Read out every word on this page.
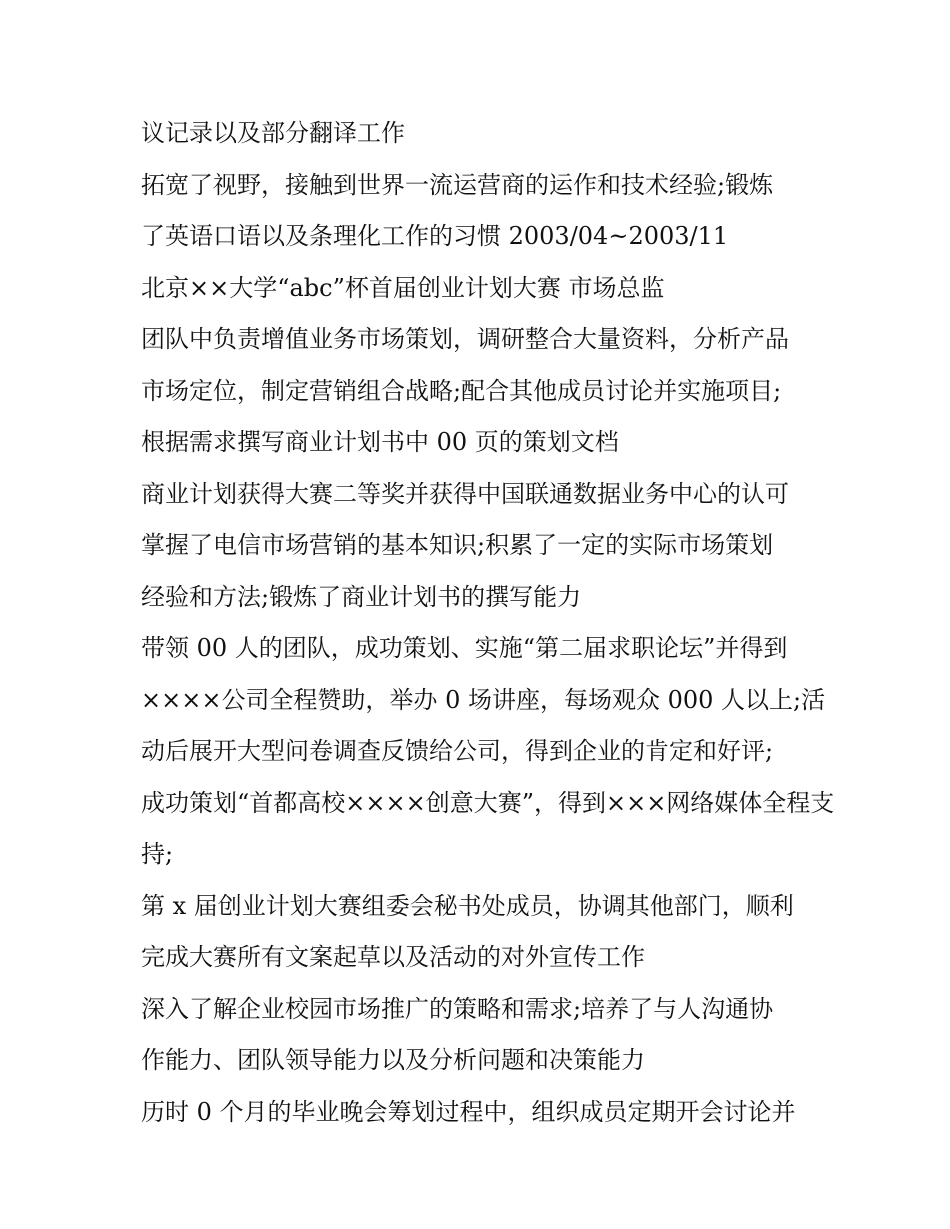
议记录以及部分翻译工作
拓宽了视野，接触到世界一流运营商的运作和技术经验;锻炼
了英语口语以及条理化工作的习惯 2003/04~2003/11
北京××大学“abc”杯首届创业计划大赛 市场总监
团队中负责增值业务市场策划，调研整合大量资料，分析产品
市场定位，制定营销组合战略;配合其他成员讨论并实施项目;
根据需求撰写商业计划书中 00 页的策划文档
商业计划获得大赛二等奖并获得中国联通数据业务中心的认可
掌握了电信市场营销的基本知识;积累了一定的实际市场策划
经验和方法;锻炼了商业计划书的撰写能力
带领 00 人的团队，成功策划、实施“第二届求职论坛”并得到
××××公司全程赞助，举办 0 场讲座，每场观众 000 人以上;活
动后展开大型问卷调查反馈给公司，得到企业的肯定和好评;
成功策划“首都高校××××创意大赛”，得到×××网络媒体全程支
持;
第 x 届创业计划大赛组委会秘书处成员，协调其他部门，顺利
完成大赛所有文案起草以及活动的对外宣传工作
深入了解企业校园市场推广的策略和需求;培养了与人沟通协
作能力、团队领导能力以及分析问题和决策能力
历时 0 个月的毕业晚会筹划过程中，组织成员定期开会讨论并
